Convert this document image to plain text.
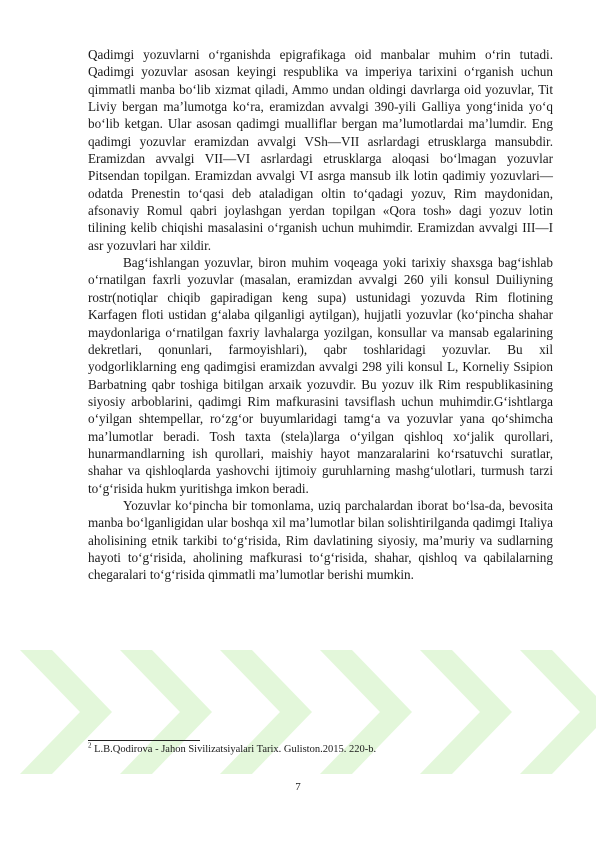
Qadimgi yozuvlarni o‘rganishda epigrafikaga oid manbalar muhim o‘rin tutadi. Qadimgi yozuvlar asosan keyingi respublika va imperiya tarixini o‘rganish uchun qimmatli manba bo‘lib xizmat qiladi, Ammo undan oldingi davrlarga oid yozuvlar, Tit Liviy bergan ma’lumotga ko‘ra, eramizdan avvalgi 390-yili Galliya yong‘inida yo‘q bo‘lib ketgan. Ular asosan qadimgi mualliflar bergan ma’lumotlardai ma’lumdir. Eng qadimgi yozuvlar eramizdan avvalgi VSh—VII asrlardagi etrusklarga mansubdir. Eramizdan avvalgi VII—VI asrlardagi etrusklarga aloqasi bo‘lmagan yozuvlar Pitsendan topilgan. Eramizdan avvalgi VI asrga mansub ilk lotin qadimiy yozuvlari—odatda Prenestin to‘qasi deb ataladigan oltin to‘qadagi yozuv, Rim maydonidan, afsonaviy Romul qabri joylashgan yerdan topilgan «Qora tosh» dagi yozuv lotin tilining kelib chiqishi masalasini o‘rganish uchun muhimdir. Eramizdan avvalgi III—I asr yozuvlari har xildir.

Bag‘ishlangan yozuvlar, biron muhim voqeaga yoki tarixiy shaxsga bag‘ishlab o‘rnatilgan faxrli yozuvlar (masalan, eramizdan avvalgi 260 yili konsul Duiliyning rostr(notiqlar chiqib gapiradigan keng supa) ustunidagi yozuvda Rim flotining Karfagen floti ustidan g‘alaba qilganligi aytilgan), hujjatli yozuvlar (ko‘pincha shahar maydonlariga o‘rnatilgan faxriy lavhalarga yozilgan, konsullar va mansab egalarining dekretlari, qonunlari, farmoyishlari), qabr toshlaridagi yozuvlar. Bu xil yodgorliklarning eng qadimgisi eramizdan avvalgi 298 yili konsul L, Korneliy Ssipion Barbatning qabr toshiga bitilgan arxaik yozuvdir. Bu yozuv ilk Rim respublikasining siyosiy arboblarini, qadimgi Rim mafkurasini tavsiflash uchun muhimdir.G‘ishtlarga o‘yilgan shtempellar, ro‘zg‘or buyumlaridagi tamg‘a va yozuvlar yana qo‘shimcha ma’lumotlar beradi. Tosh taxta (stela)larga o‘yilgan qishloq xo‘jalik qurollari, hunarmandlarning ish qurollari, maishiy hayot manzaralarini ko‘rsatuvchi suratlar, shahar va qishloqlarda yashovchi ijtimoiy guruhlarning mashg‘ulotlari, turmush tarzi to‘g‘risida hukm yuritishga imkon beradi.

Yozuvlar ko‘pincha bir tomonlama, uziq parchalardan iborat bo‘lsa-da, bevosita manba bo‘lganligidan ular boshqa xil ma’lumotlar bilan solishtirilganda qadimgi Italiya aholisining etnik tarkibi to‘g‘risida, Rim davlatining siyosiy, ma’muriy va sudlarning hayoti to‘g‘risida, aholining mafkurasi to‘g‘risida, shahar, qishloq va qabilalarning chegaralari to‘g‘risida qimmatli ma’lumotlar berishi mumkin.

$^2$ L.B.Qodirova - Jahon Sivilizatsiyalari Tarix. Guliston.2015. 220-b.
7
